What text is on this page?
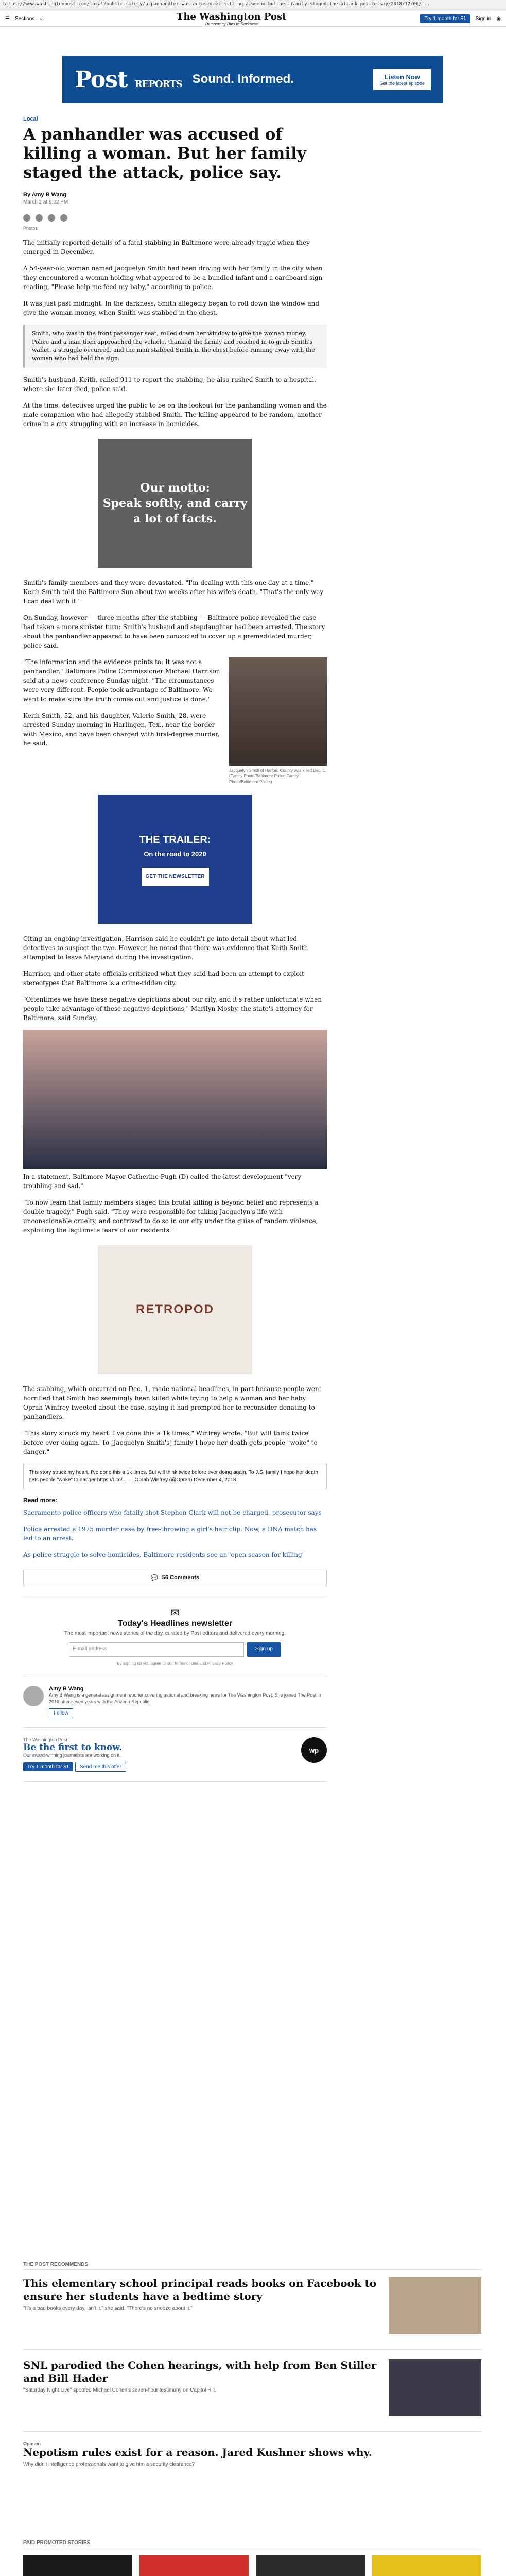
https://www.washingtonpost.com/local/public-safety/a-panhandler-was-accused-of-killing-a-woman-but-her-family-staged-the-attack-police-say/2018/12/06/...
☰ Sections ⌕	The Washington Post
Democracy Dies in Darkness
Try 1 month for $1	Sign in ◉
Post REPORTS Sound. Informed.	Listen Now
Get the latest episode
Local
A panhandler was accused of killing a woman. But her family staged the attack, police say.
By Amy B Wang
March 2 at 9:02 PM
Photos

The initially reported details of a fatal stabbing in Baltimore were already tragic when they emerged in December.

A 54-year-old woman named Jacquelyn Smith had been driving with her family in the city when they encountered a woman holding what appeared to be a bundled infant and a cardboard sign reading, "Please help me feed my baby," according to police.

It was just past midnight. In the darkness, Smith allegedly began to roll down the window and give the woman money, when Smith was stabbed in the chest.

Smith, who was in the front passenger seat, rolled down her window to give the woman money. Police and a man then approached the vehicle, thanked the family and reached in to grab Smith's wallet, a struggle occurred, and the man stabbed Smith in the chest before running away with the woman who had held the sign.

Smith's husband, Keith, called 911 to report the stabbing; he also rushed Smith to a hospital, where she later died, police said.

At the time, detectives urged the public to be on the lookout for the panhandling woman and the male companion who had allegedly stabbed Smith. The killing appeared to be random, another crime in a city struggling with an increase in homicides.

Our motto:
Speak softly, and carry a lot of facts.

Smith's family members and they were devastated. "I'm dealing with this one day at a time," Keith Smith told the Baltimore Sun about two weeks after his wife's death. "That's the only way I can deal with it."

On Sunday, however — three months after the stabbing — Baltimore police revealed the case had taken a more sinister turn: Smith's husband and stepdaughter had been arrested. The story about the panhandler appeared to have been concocted to cover up a premeditated murder, police said.

"The information and the evidence points to: It was not a panhandler," Baltimore Police Commissioner Michael Harrison said at a news conference Sunday night. "The circumstances were very different. People took advantage of Baltimore. We want to make sure the truth comes out and justice is done."

Keith Smith, 52, and his daughter, Valerie Smith, 28, were arrested Sunday morning in Harlingen, Tex., near the border with Mexico, and have been charged with first-degree murder, he said.

Jacquelyn Smith of Harford County was killed Dec. 1. (Family Photo/Baltimore Police Family Photo/Baltimore Police)
THE TRAILER:
On the road to 2020
GET THE NEWSLETTER

Citing an ongoing investigation, Harrison said he couldn't go into detail about what led detectives to suspect the two. However, he noted that there was evidence that Keith Smith attempted to leave Maryland during the investigation.

Harrison and other state officials criticized what they said had been an attempt to exploit stereotypes that Baltimore is a crime-ridden city.

"Oftentimes we have these negative depictions about our city, and it's rather unfortunate when people take advantage of these negative depictions," Marilyn Mosby, the state's attorney for Baltimore, said Sunday.

In a statement, Baltimore Mayor Catherine Pugh (D) called the latest development "very troubling and sad."

"To now learn that family members staged this brutal killing is beyond belief and represents a double tragedy," Pugh said. "They were responsible for taking Jacquelyn's life with unconscionable cruelty, and contrived to do so in our city under the guise of random violence, exploiting the legitimate fears of our residents."

RETROPOD

The stabbing, which occurred on Dec. 1, made national headlines, in part because people were horrified that Smith had seemingly been killed while trying to help a woman and her baby. Oprah Winfrey tweeted about the case, saying it had prompted her to reconsider donating to panhandlers.

"This story struck my heart. I've done this a 1k times," Winfrey wrote. "But will think twice before ever doing again. To [Jacquelyn Smith's] family I hope her death gets people "woke" to danger."

This story struck my heart. I've done this a 1k times. But will think twice before ever doing again. To J.S. family I hope her death gets people "woke" to danger https://t.co/... — Oprah Winfrey (@Oprah) December 4, 2018
Read more:

Sacramento police officers who fatally shot Stephon Clark will not be charged, prosecutor says

Police arrested a 1975 murder case by free-throwing a girl's hair clip. Now, a DNA match has led to an arrest.

As police struggle to solve homicides, Baltimore residents see an 'open season for killing'

💬 56 Comments
✉
Today's Headlines newsletter
The most important news stories of the day, curated by Post editors and delivered every morning.
E-mail address	Sign up
By signing up you agree to our Terms of Use and Privacy Policy
Amy B Wang
Amy B Wang is a general assignment reporter covering national and breaking news for The Washington Post. She joined The Post in 2016 after seven years with the Arizona Republic.
Follow
The Washington Post
Be the first to know.
Our award-winning journalists are working on it.
Try 1 month for $1 Send me this offer
wp
THE POST RECOMMENDS
This elementary school principal reads books on Facebook to ensure her students have a bedtime story
"It's a bad books every day, isn't it," she said. "There's no snooze about it."
SNL parodied the Cohen hearings, with help from Ben Stiller and Bill Hader
"Saturday Night Live" spoofed Michael Cohen's seven-hour testimony on Capitol Hill.
Opinion
Nepotism rules exist for a reason. Jared Kushner shows why.
Why didn't intelligence professionals want to give him a security clearance?
PAID PROMOTED STORIES
